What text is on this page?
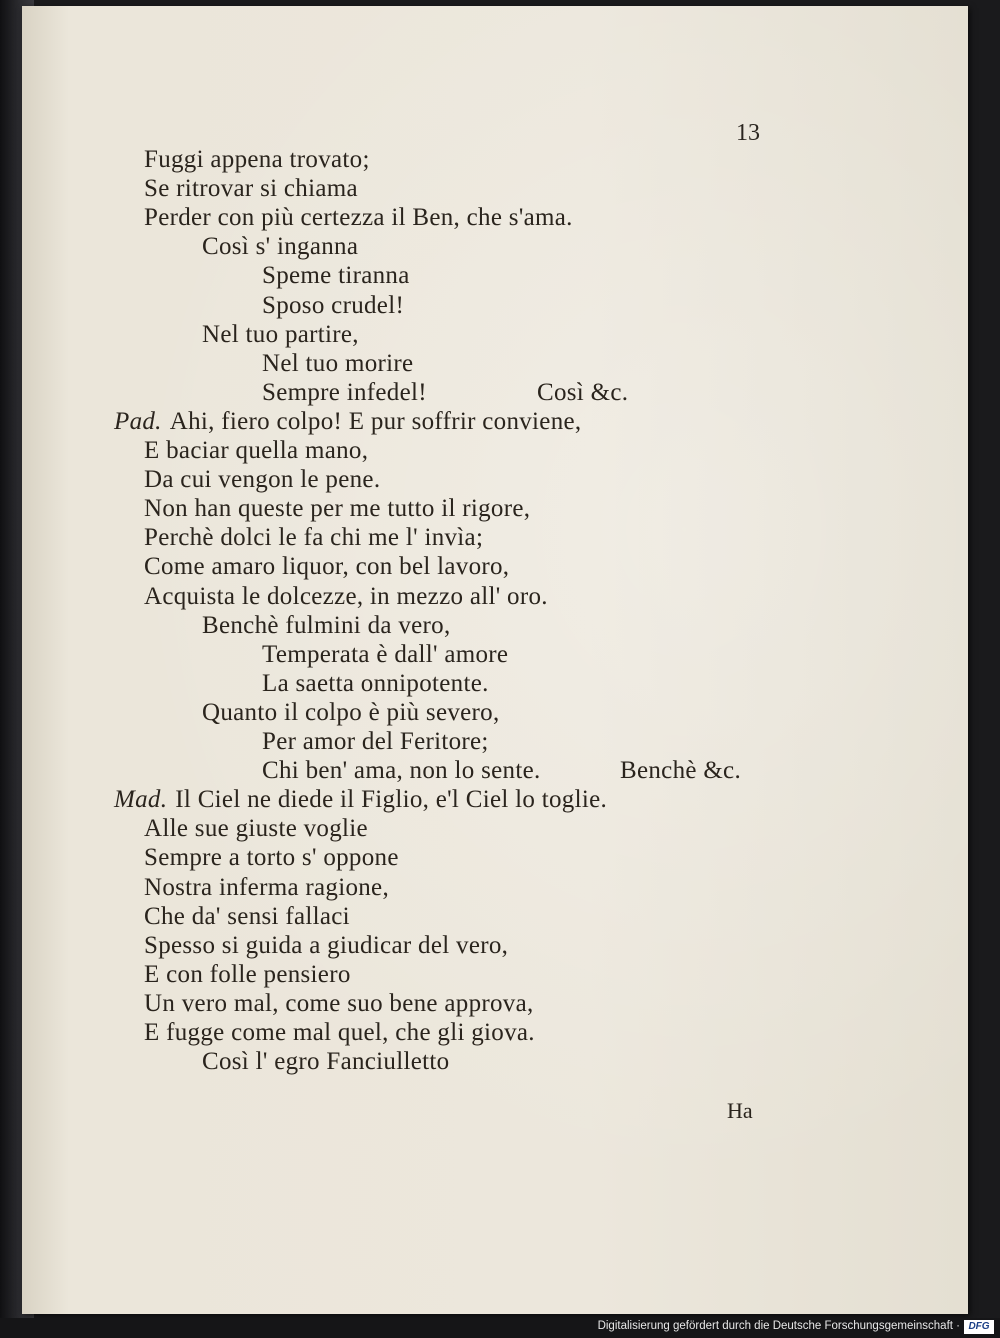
13
Fuggi appena trovato;
Se ritrovar si chiama
Perder con più certezza il Ben, che s'ama.
Così s' inganna
Speme tiranna
Sposo crudel!
Nel tuo partire,
Nel tuo morire
Sempre infedel!	Così &c.
Pad. Ahi, fiero colpo! E pur soffrir conviene,
E baciar quella mano,
Da cui vengon le pene.
Non han queste per me tutto il rigore,
Perchè dolci le fa chi me l' invìa;
Come amaro liquor, con bel lavoro,
Acquista le dolcezze, in mezzo all' oro.
Benchè fulmini da vero,
Temperata è dall' amore
La saetta onnipotente.
Quanto il colpo è più severo,
Per amor del Feritore;
Chi ben' ama, non lo sente.	Benchè &c.
Mad. Il Ciel ne diede il Figlio, e'l Ciel lo toglie.
Alle sue giuste voglie
Sempre a torto s' oppone
Nostra inferma ragione,
Che da' sensi fallaci
Spesso si guida a giudicar del vero,
E con folle pensiero
Un vero mal, come suo bene approva,
E fugge come mal quel, che gli giova.
Così l' egro Fanciulletto
Ha
Digitalisierung gefördert durch die Deutsche Forschungsgemeinschaft · DFG
